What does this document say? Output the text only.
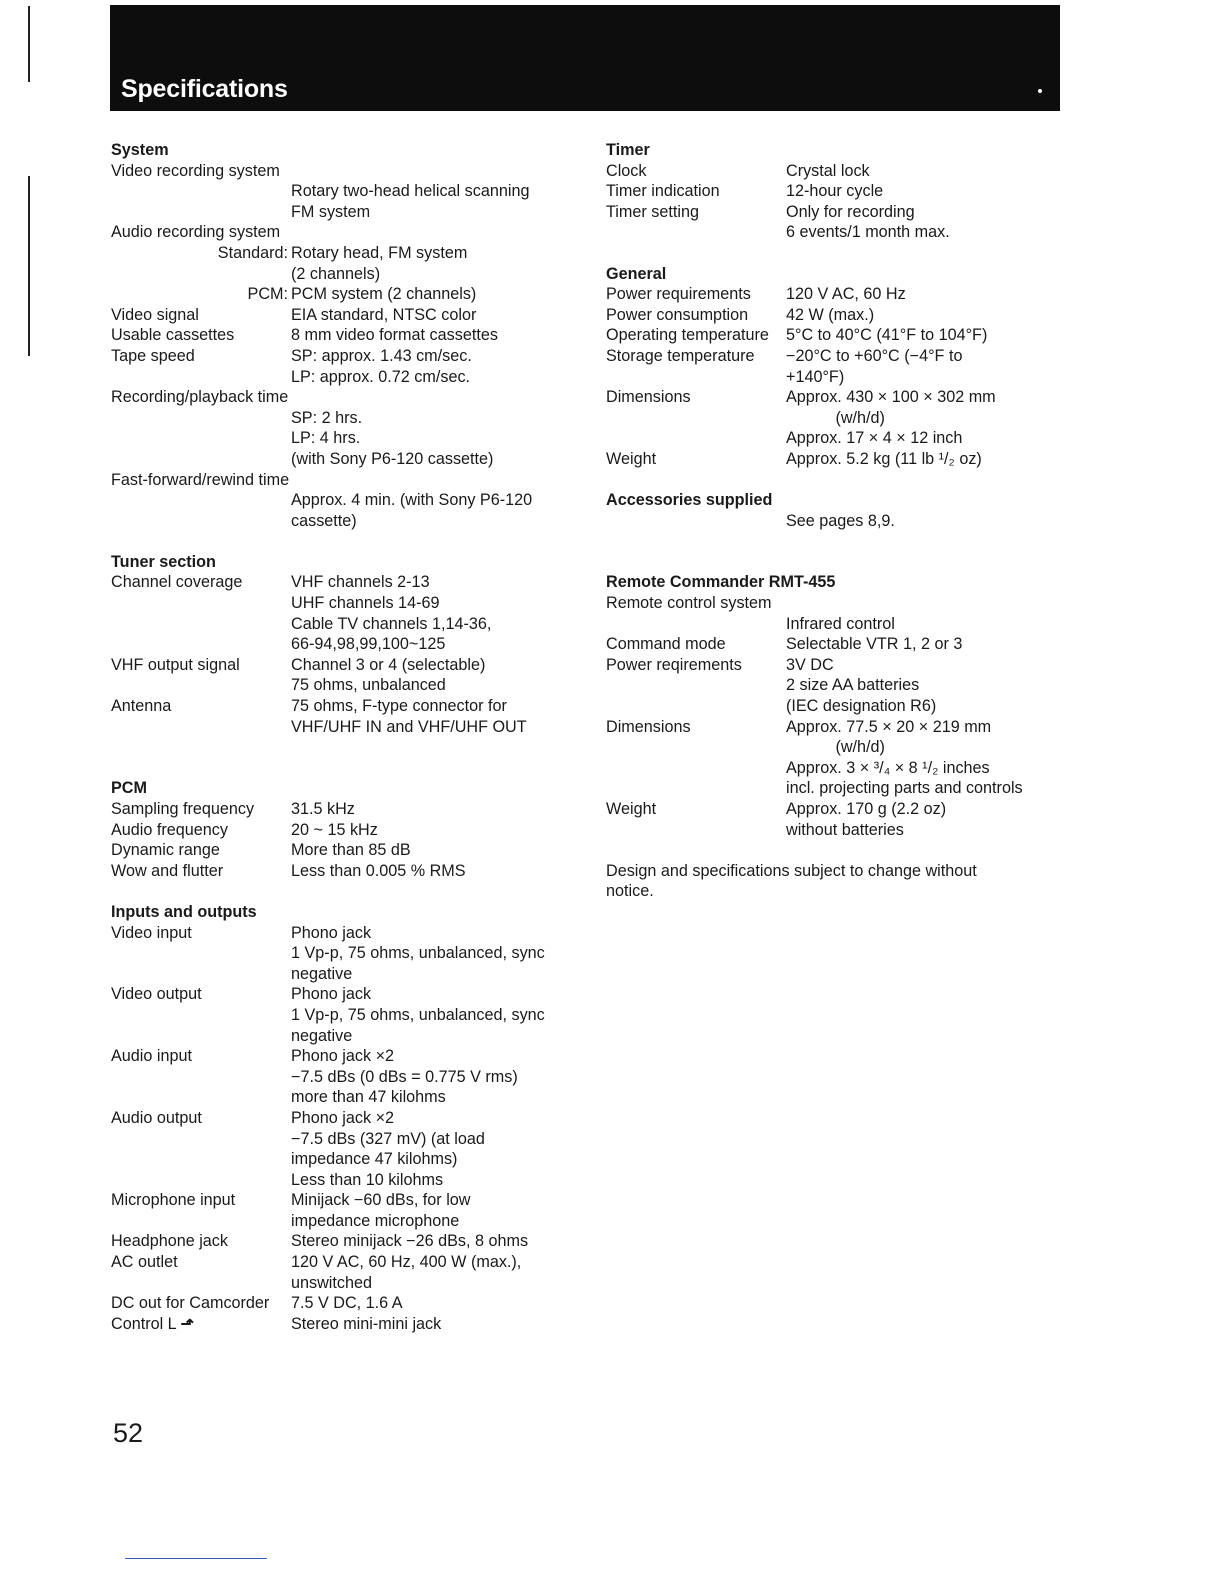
Specifications
System
Video recording system
Rotary two-head helical scanning
FM system
Audio recording system
Standard: Rotary head, FM system
(2 channels)
PCM: PCM system (2 channels)
Video signal	EIA standard, NTSC color
Usable cassettes	8 mm video format cassettes
Tape speed	SP: approx. 1.43 cm/sec.
LP: approx. 0.72 cm/sec.
Recording/playback time
SP: 2 hrs.
LP: 4 hrs.
(with Sony P6-120 cassette)
Fast-forward/rewind time
Approx. 4 min. (with Sony P6-120
cassette)
Tuner section
Channel coverage	VHF channels 2-13
UHF channels 14-69
Cable TV channels 1,14-36,
66-94,98,99,100~125
VHF output signal	Channel 3 or 4 (selectable)
75 ohms, unbalanced
Antenna	75 ohms, F-type connector for
VHF/UHF IN and VHF/UHF OUT
PCM
Sampling frequency	31.5 kHz
Audio frequency	20 ~ 15 kHz
Dynamic range	More than 85 dB
Wow and flutter	Less than 0.005 % RMS
Inputs and outputs
Video input	Phono jack
1 Vp-p, 75 ohms, unbalanced, sync
negative
Video output	Phono jack
1 Vp-p, 75 ohms, unbalanced, sync
negative
Audio input	Phono jack ×2
−7.5 dBs (0 dBs = 0.775 V rms)
more than 47 kilohms
Audio output	Phono jack ×2
−7.5 dBs (327 mV) (at load
impedance 47 kilohms)
Less than 10 kilohms
Microphone input	Minijack −60 dBs, for low
impedance microphone
Headphone jack	Stereo minijack −26 dBs, 8 ohms
AC outlet	120 V AC, 60 Hz, 400 W (max.),
unswitched
DC out for Camcorder	7.5 V DC, 1.6 A
Control L ⬏	Stereo mini-mini jack
Timer
Clock	Crystal lock
Timer indication	12-hour cycle
Timer setting	Only for recording
6 events/1 month max.
General
Power requirements	120 V AC, 60 Hz
Power consumption	42 W (max.)
Operating temperature	5°C to 40°C (41°F to 104°F)
Storage temperature	−20°C to +60°C (−4°F to
+140°F)
Dimensions	Approx. 430 × 100 × 302 mm
(w/h/d)
Approx. 17 × 4 × 12 inch
Weight	Approx. 5.2 kg (11 lb ¹/₂ oz)
Accessories supplied
See pages 8,9.
Remote Commander RMT-455
Remote control system
Infrared control
Command mode	Selectable VTR 1, 2 or 3
Power reqirements	3V DC
2 size AA batteries
(IEC designation R6)
Dimensions	Approx. 77.5 × 20 × 219 mm
(w/h/d)
Approx. 3 × ³/₄ × 8 ¹/₂ inches
incl. projecting parts and controls
Weight	Approx. 170 g (2.2 oz)
without batteries
Design and specifications subject to change without notice.
52
